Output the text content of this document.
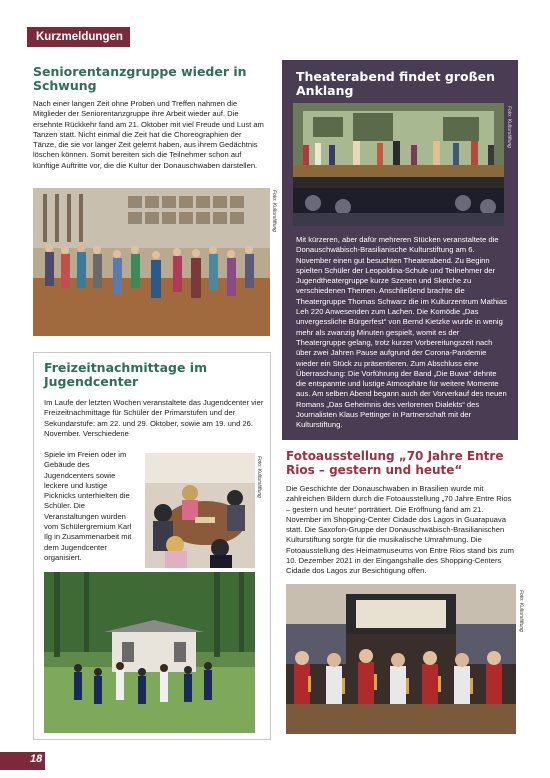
Kurzmeldungen
Seniorentanzgruppe wieder in Schwung
Nach einer langen Zeit ohne Proben und Treffen nahmen die Mitglieder der Seniorentanzgruppe ihre Arbeit wieder auf. Die ersehnte Rückkehr fand am 21. Oktober mit viel Freude und Lust am Tanzen statt. Nicht einmal die Zeit hat die Choreographien der Tänze, die sie vor langer Zeit gelernt haben, aus ihrem Gedächtnis löschen können. Somit bereiten sich die Teilnehmer schon auf künftige Auftritte vor, die die Kultur der Donauschwaben darstellen.
Foto: Kulturstiftung
Freizeitnachmittage im Jugendcenter
Im Laufe der letzten Wochen veranstaltete das Jugendcenter vier Freizeitnachmittage für Schüler der Primarstufen und der Sekundarstufe: am 22. und 29. Oktober, sowie am 19. und 26. November. Verschiedene
Spiele im Freien oder im Gebäude des Jugendcenters sowie leckere und lustige Picknicks unterhielten die Schüler. Die Veranstaltungen wurden vom Schülergremium Karl Ilg in Zusammenarbeit mit dem Jugendcenter organisiert.
Foto: Kulturstiftung
Theaterabend findet großen Anklang
Foto: Kulturstiftung
Mit kürzeren, aber dafür mehreren Stücken veranstaltete die Donauschwäbisch-Brasilianische Kulturstiftung am 6. November einen gut besuchten Theaterabend. Zu Beginn spielten Schüler der Leopoldina-Schule und Teilnehmer der Jugendtheatergruppe kurze Szenen und Sketche zu verschiedenen Themen. Anschließend brachte die Theatergruppe Thomas Schwarz die im Kulturzentrum Mathias Leh 220 Anwesenden zum Lachen. Die Komödie „Das unvergessliche Bürgerfest“ von Bernd Kietzke wurde in wenig mehr als zwanzig Minuten gespielt, womit es der Theatergruppe gelang, trotz kurzer Vorbereitungszeit nach über zwei Jahren Pause aufgrund der Corona-Pandemie wieder ein Stück zu präsentieren. Zum Abschluss eine Überraschung: Die Vorführung der Band „Die Buwa“ dehnte die entspannte und lustige Atmosphäre für weitere Momente aus. Am selben Abend begann auch der Vorverkauf des neuen Romans „Das Geheimnis des verlorenen Dialekts“ des Journalisten Klaus Pettinger in Partnerschaft mit der Kulturstiftung.
Fotoausstellung „70 Jahre Entre Rios – gestern und heute“
Die Geschichte der Donauschwaben in Brasilien wurde mit zahlreichen Bildern durch die Fotoausstellung „70 Jahre Entre Rios – gestern und heute“ porträtiert. Die Eröffnung fand am 21. November im Shopping-Center Cidade dos Lagos in Guarapuava statt. Die Saxofon-Gruppe der Donauschwäbisch-Brasilianischen Kulturstiftung sorgte für die musikalische Umrahmung. Die Fotoausstellung des Heimatmuseums von Entre Rios stand bis zum 10. Dezember 2021 in der Eingangshalle des Shopping-Centers Cidade dos Lagos zur Besichtigung offen.
Foto: Kulturstiftung
18
